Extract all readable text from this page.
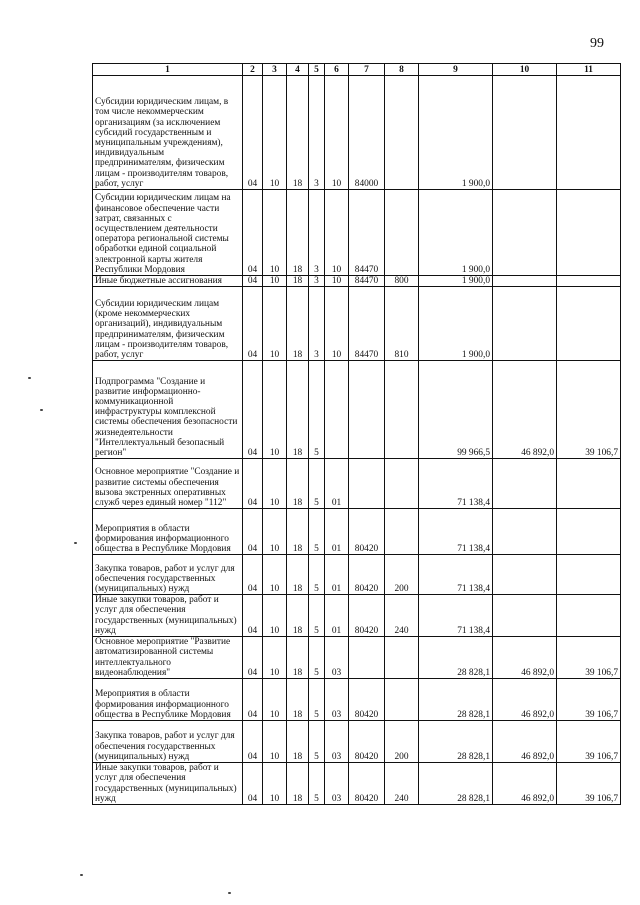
99
1	2	3	4	5	6	7	8	9	10	11
Субсидии юридическим лицам, в том числе некоммерческим организациям (за исключением субсидий государственным и муниципальным учреждениям), индивидуальным предпринимателям, физическим лицам - производителям товаров, работ, услуг	04	10	18	3	10	84000		1 900,0		
Субсидии юридическим лицам на финансовое обеспечение части затрат, связанных с осуществлением деятельности оператора региональной системы обработки единой социальной электронной карты жителя Республики Мордовия	04	10	18	3	10	84470		1 900,0		
Иные бюджетные ассигнования	04	10	18	3	10	84470	800	1 900,0		
Субсидии юридическим лицам (кроме некоммерческих организаций), индивидуальным предпринимателям, физическим лицам - производителям товаров, работ, услуг	04	10	18	3	10	84470	810	1 900,0		
Подпрограмма "Создание и развитие информационно-коммуникационной инфраструктуры комплексной системы обеспечения безопасности жизнедеятельности "Интеллектуальный безопасный регион"	04	10	18	5				99 966,5	46 892,0	39 106,7
Основное мероприятие "Создание и развитие системы обеспечения вызова экстренных оперативных служб через единый номер "112"	04	10	18	5	01			71 138,4		
Мероприятия в области формирования информационного общества в Республике Мордовия	04	10	18	5	01	80420		71 138,4		
Закупка товаров, работ и услуг для обеспечения государственных (муниципальных) нужд	04	10	18	5	01	80420	200	71 138,4		
Иные закупки товаров, работ и услуг для обеспечения государственных (муниципальных) нужд	04	10	18	5	01	80420	240	71 138,4		
Основное мероприятие "Развитие автоматизированной системы интеллектуального видеонаблюдения"	04	10	18	5	03			28 828,1	46 892,0	39 106,7
Мероприятия в области формирования информационного общества в Республике Мордовия	04	10	18	5	03	80420		28 828,1	46 892,0	39 106,7
Закупка товаров, работ и услуг для обеспечения государственных (муниципальных) нужд	04	10	18	5	03	80420	200	28 828,1	46 892,0	39 106,7
Иные закупки товаров, работ и услуг для обеспечения государственных (муниципальных) нужд	04	10	18	5	03	80420	240	28 828,1	46 892,0	39 106,7
